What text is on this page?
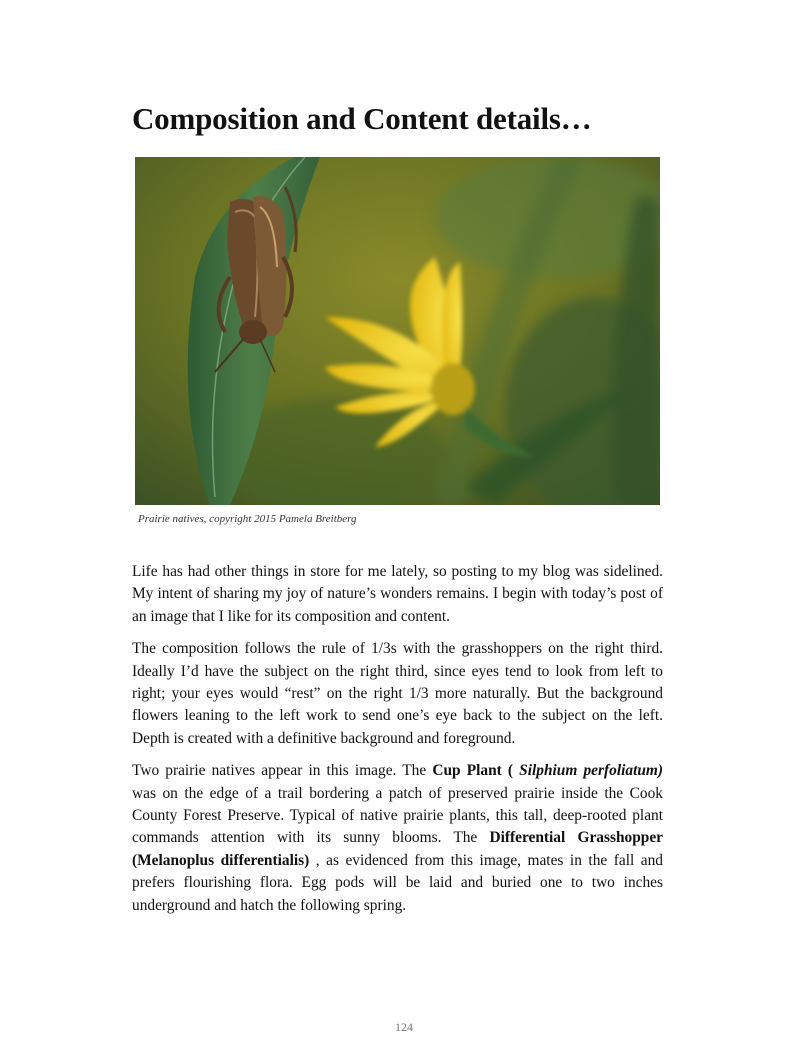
Composition and Content details…
Prairie natives, copyright 2015 Pamela Breitberg

Life has had other things in store for me lately, so posting to my blog was sidelined. My intent of sharing my joy of nature’s wonders remains. I begin with today’s post of an image that I like for its composition and content.

The composition follows the rule of 1/3s with the grasshoppers on the right third. Ideally I’d have the subject on the right third, since eyes tend to look from left to right; your eyes would “rest” on the right 1/3 more naturally. But the background flowers leaning to the left work to send one’s eye back to the subject on the left. Depth is created with a definitive background and foreground.

Two prairie natives appear in this image. The Cup Plant ( Silphium perfoliatum) was on the edge of a trail bordering a patch of preserved prairie inside the Cook County Forest Preserve. Typical of native prairie plants, this tall, deep-rooted plant commands attention with its sunny blooms. The Differential Grasshopper (Melanoplus differentialis) , as evidenced from this image, mates in the fall and prefers flourishing flora. Egg pods will be laid and buried one to two inches underground and hatch the following spring.

124
